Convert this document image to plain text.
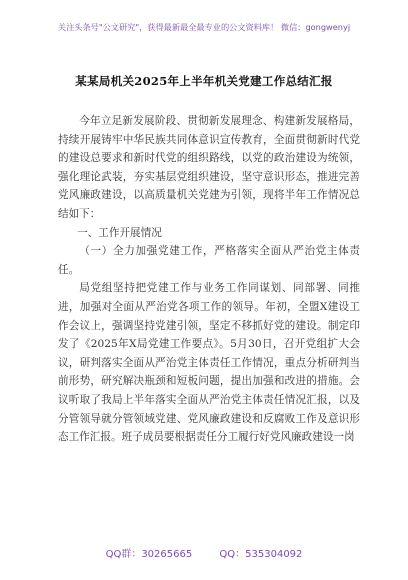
关注头条号"公文研究"，获得最新最全最专业的公文资料库！ 微信：gongwenyj
某某局机关2025年上半年机关党建工作总结汇报

今年立足新发展阶段、贯彻新发展理念、构建新发展格局，持续开展铸牢中华民族共同体意识宣传教育，全面贯彻新时代党的建设总要求和新时代党的组织路线，以党的政治建设为统领，强化理论武装，夯实基层党组织建设，坚守意识形态，推进完善党风廉政建设，以高质量机关党建为引领，现将半年工作情况总结如下：

一、工作开展情况

（一）全力加强党建工作，严格落实全面从严治党主体责任。

局党组坚持把党建工作与业务工作同谋划、同部署、同推进，加强对全面从严治党各项工作的领导。年初，全盟X建设工作会议上，强调坚持党建引领，坚定不移抓好党的建设。制定印发了《2025年X局党建工作要点》。5月30日，召开党组扩大会议，研判落实全面从严治党主体责任工作情况，重点分析研判当前形势，研究解决瓶颈和短板问题，提出加强和改进的措施。会议听取了我局上半年落实全面从严治党主体责任情况汇报，以及分管领导就分管领域党建、党风廉政建设和反腐败工作及意识形态工作汇报。班子成员要根据责任分工履行好党风廉政建设一岗

QQ群：30265665	QQ：535304092
